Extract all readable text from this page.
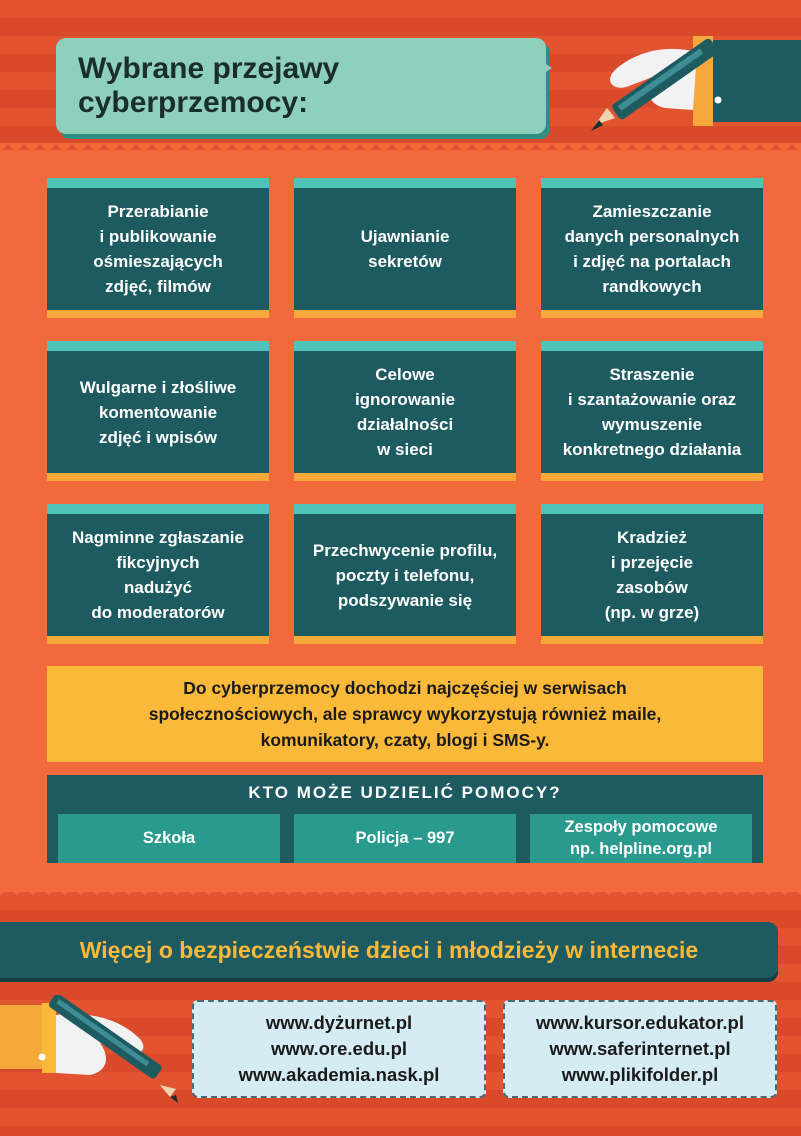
Wybrane przejawy cyberprzemocy:
Przerabianie
i publikowanie
ośmieszających
zdjęć, filmów
Ujawnianie
sekretów
Zamieszczanie
danych personalnych
i zdjęć na portalach
randkowych
Wulgarne i złośliwe
komentowanie
zdjęć i wpisów
Celowe
ignorowanie
działalności
w sieci
Straszenie
i szantażowanie oraz
wymuszenie
konkretnego działania
Nagminne zgłaszanie
fikcyjnych
nadużyć
do moderatorów
Przechwycenie profilu,
poczty i telefonu,
podszywanie się
Kradzież
i przejęcie
zasobów
(np. w grze)
Do cyberprzemocy dochodzi najczęściej w serwisach
społecznościowych, ale sprawcy wykorzystują również maile,
komunikatory, czaty, blogi i SMS-y.
KTO MOŻE UDZIELIĆ POMOCY?
Szkoła	Policja – 997
Zespoły pomocowe
np. helpline.org.pl
Więcej o bezpieczeństwie dzieci i młodzieży w internecie
www.dyżurnet.pl
www.ore.edu.pl
www.akademia.nask.pl
www.kursor.edukator.pl
www.saferinternet.pl
www.plikifolder.pl
